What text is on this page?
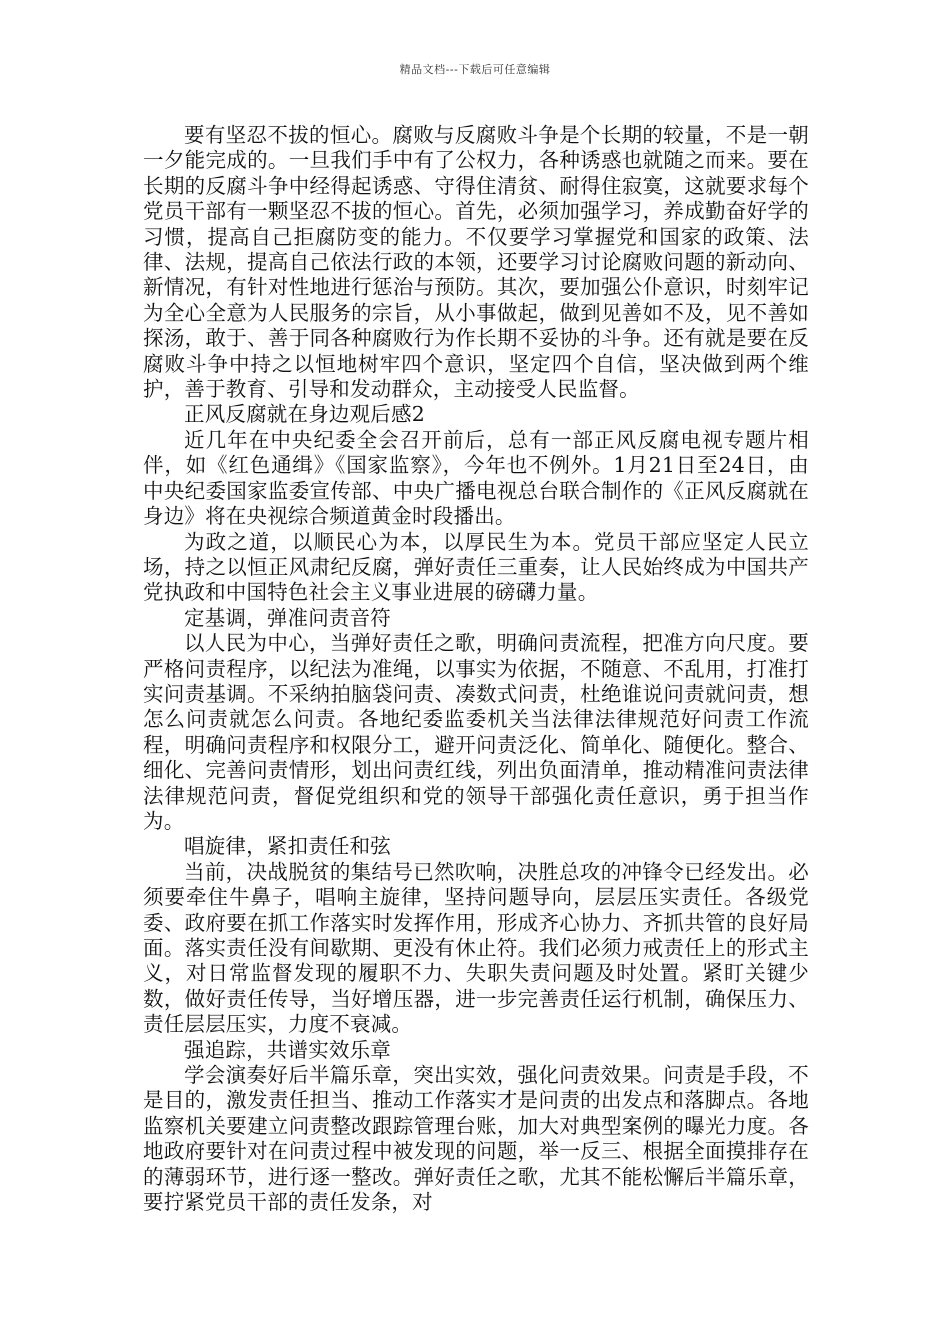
精品文档---下载后可任意编辑

要有坚忍不拔的恒心。腐败与反腐败斗争是个长期的较量，不是一朝一夕能完成的。一旦我们手中有了公权力，各种诱惑也就随之而来。要在长期的反腐斗争中经得起诱惑、守得住清贫、耐得住寂寞，这就要求每个党员干部有一颗坚忍不拔的恒心。首先，必须加强学习，养成勤奋好学的习惯，提高自己拒腐防变的能力。不仅要学习掌握党和国家的政策、法律、法规，提高自己依法行政的本领，还要学习讨论腐败问题的新动向、新情况，有针对性地进行惩治与预防。其次，要加强公仆意识，时刻牢记为全心全意为人民服务的宗旨，从小事做起，做到见善如不及，见不善如探汤，敢于、善于同各种腐败行为作长期不妥协的斗争。还有就是要在反腐败斗争中持之以恒地树牢四个意识，坚定四个自信，坚决做到两个维护，善于教育、引导和发动群众，主动接受人民监督。

正风反腐就在身边观后感2

近几年在中央纪委全会召开前后，总有一部正风反腐电视专题片相伴，如《红色通缉》《国家监察》，今年也不例外。1月21日至24日，由中央纪委国家监委宣传部、中央广播电视总台联合制作的《正风反腐就在身边》将在央视综合频道黄金时段播出。

为政之道，以顺民心为本，以厚民生为本。党员干部应坚定人民立场，持之以恒正风肃纪反腐，弹好责任三重奏，让人民始终成为中国共产党执政和中国特色社会主义事业进展的磅礴力量。

定基调，弹准问责音符

以人民为中心，当弹好责任之歌，明确问责流程，把准方向尺度。要严格问责程序，以纪法为准绳，以事实为依据，不随意、不乱用，打准打实问责基调。不采纳拍脑袋问责、凑数式问责，杜绝谁说问责就问责，想怎么问责就怎么问责。各地纪委监委机关当法律法律规范好问责工作流程，明确问责程序和权限分工，避开问责泛化、简单化、随便化。整合、细化、完善问责情形，划出问责红线，列出负面清单，推动精准问责法律法律规范问责，督促党组织和党的领导干部强化责任意识，勇于担当作为。

唱旋律，紧扣责任和弦

当前，决战脱贫的集结号已然吹响，决胜总攻的冲锋令已经发出。必须要牵住牛鼻子，唱响主旋律，坚持问题导向，层层压实责任。各级党委、政府要在抓工作落实时发挥作用，形成齐心协力、齐抓共管的良好局面。落实责任没有间歇期、更没有休止符。我们必须力戒责任上的形式主义，对日常监督发现的履职不力、失职失责问题及时处置。紧盯关键少数，做好责任传导，当好增压器，进一步完善责任运行机制，确保压力、责任层层压实，力度不衰减。

强追踪，共谱实效乐章

学会演奏好后半篇乐章，突出实效，强化问责效果。问责是手段，不是目的，激发责任担当、推动工作落实才是问责的出发点和落脚点。各地监察机关要建立问责整改跟踪管理台账，加大对典型案例的曝光力度。各地政府要针对在问责过程中被发现的问题，举一反三、根据全面摸排存在的薄弱环节，进行逐一整改。弹好责任之歌，尤其不能松懈后半篇乐章，要拧紧党员干部的责任发条，对
